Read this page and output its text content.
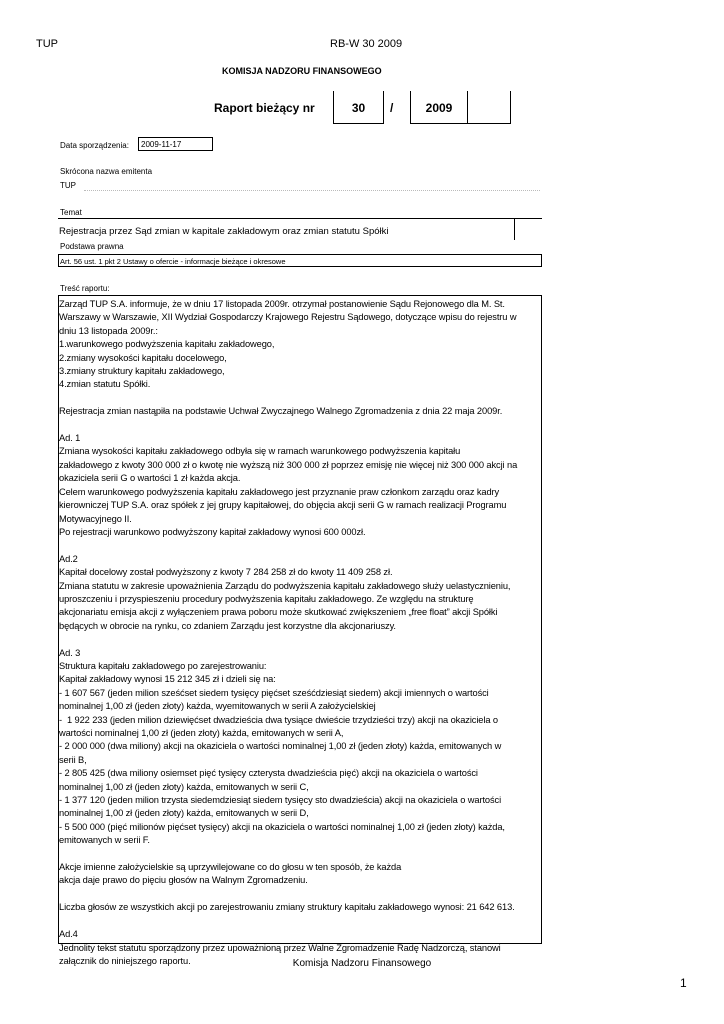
TUP	RB-W 30 2009
KOMISJA NADZORU FINANSOWEGO
Raport bieżący nr	30	/	2009
Data sporządzenia:	2009-11-17
Skrócona nazwa emitenta
TUP
Temat
Rejestracja przez Sąd zmian w kapitale zakładowym oraz zmian statutu Spółki
Podstawa prawna
Art. 56 ust. 1 pkt 2 Ustawy o ofercie - informacje bieżące i okresowe
Treść raportu:
Zarząd TUP S.A. informuje, że w dniu 17 listopada 2009r. otrzymał postanowienie Sądu Rejonowego dla M. St.
Warszawy w Warszawie, XII Wydział Gospodarczy Krajowego Rejestru Sądowego, dotyczące wpisu do rejestru w
dniu 13 listopada 2009r.:
1.warunkowego podwyższenia kapitału zakładowego,
2.zmiany wysokości kapitału docelowego,
3.zmiany struktury kapitału zakładowego,
4.zmian statutu Spółki.

Rejestracja zmian nastąpiła na podstawie Uchwał Zwyczajnego Walnego Zgromadzenia z dnia 22 maja 2009r.

Ad. 1
Zmiana wysokości kapitału zakładowego odbyła się w ramach warunkowego podwyższenia kapitału
zakładowego z kwoty 300 000 zł o kwotę nie wyższą niż 300 000 zł poprzez emisję nie więcej niż 300 000 akcji na
okaziciela serii G o wartości 1 zł każda akcja.
Celem warunkowego podwyższenia kapitału zakładowego jest przyznanie praw członkom zarządu oraz kadry
kierowniczej TUP S.A. oraz spółek z jej grupy kapitałowej, do objęcia akcji serii G w ramach realizacji Programu
Motywacyjnego II.
Po rejestracji warunkowo podwyższony kapitał zakładowy wynosi 600 000zł.

Ad.2
Kapitał docelowy został podwyższony z kwoty 7 284 258 zł do kwoty 11 409 258 zł.
Zmiana statutu w zakresie upoważnienia Zarządu do podwyższenia kapitału zakładowego służy uelastycznieniu,
uproszczeniu i przyspieszeniu procedury podwyższenia kapitału zakładowego. Ze względu na strukturę
akcjonariatu emisja akcji z wyłączeniem prawa poboru może skutkować zwiększeniem „free float” akcji Spółki
będących w obrocie na rynku, co zdaniem Zarządu jest korzystne dla akcjonariuszy.

Ad. 3
Struktura kapitału zakładowego po zarejestrowaniu:
Kapitał zakładowy wynosi 15 212 345 zł i dzieli się na:
- 1 607 567 (jeden milion sześćset siedem tysięcy pięćset sześćdziesiąt siedem) akcji imiennych o wartości
nominalnej 1,00 zł (jeden złoty) każda, wyemitowanych w serii A założycielskiej
-  1 922 233 (jeden milion dziewięćset dwadzieścia dwa tysiące dwieście trzydzieści trzy) akcji na okaziciela o
wartości nominalnej 1,00 zł (jeden złoty) każda, emitowanych w serii A,
- 2 000 000 (dwa miliony) akcji na okaziciela o wartości nominalnej 1,00 zł (jeden złoty) każda, emitowanych w
serii B,
- 2 805 425 (dwa miliony osiemset pięć tysięcy czterysta dwadzieścia pięć) akcji na okaziciela o wartości
nominalnej 1,00 zł (jeden złoty) każda, emitowanych w serii C,
- 1 377 120 (jeden milion trzysta siedemdziesiąt siedem tysięcy sto dwadzieścia) akcji na okaziciela o wartości
nominalnej 1,00 zł (jeden złoty) każda, emitowanych w serii D,
- 5 500 000 (pięć milionów pięćset tysięcy) akcji na okaziciela o wartości nominalnej 1,00 zł (jeden złoty) każda,
emitowanych w serii F.

Akcje imienne założycielskie są uprzywilejowane co do głosu w ten sposób, że każda
akcja daje prawo do pięciu głosów na Walnym Zgromadzeniu.

Liczba głosów ze wszystkich akcji po zarejestrowaniu zmiany struktury kapitału zakładowego wynosi: 21 642 613.

Ad.4
Jednolity tekst statutu sporządzony przez upoważnioną przez Walne Zgromadzenie Radę Nadzorczą, stanowi
załącznik do niniejszego raportu.	Komisja Nadzoru Finansowego
1
